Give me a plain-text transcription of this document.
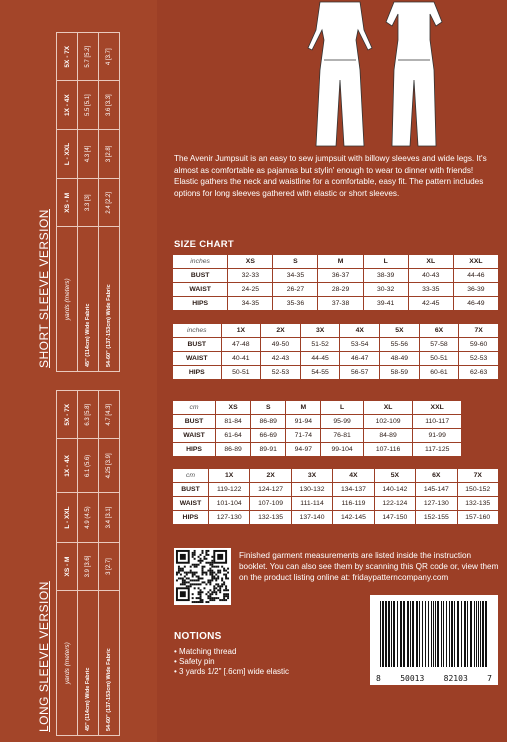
SHORT SLEEVE VERSION yards (meters)	XS - M	L - XXL	1X - 4X	5X - 7X
45" (114cm) Wide Fabric	3.3 [3]	4.3 [4]	5.5 [5.1]	5.7 [5.2]
54-60" (137-153cm) Wide Fabric	2.4 [2.2]	3 [2.8]	3.6 [3.3]	4 [3.7]
LONG SLEEVE VERSION yards (meters)	XS - M	L - XXL	1X - 4X	5X - 7X
45" (114cm) Wide Fabric	3.9 [3.6]	4.9 (4.5)	6.1 (5.6)	6.3 [5.8]
54-60" (137-153cm) Wide Fabric	3 [2.7]	3.4 [3.1]	4.25 [3.9]	4.7 [4.3]
The Avenir Jumpsuit is an easy to sew jumpsuit with billowy sleeves and wide legs. It's almost as comfortable as pajamas but stylin' enough to wear to dinner with friends! Elastic gathers the neck and waistline for a comfortable, easy fit. The pattern includes options for long sleeves gathered with elastic or short sleeves.
SIZE CHART
inches	XS	S	M	L	XL	XXL
BUST	32-33	34-35	36-37	38-39	40-43	44-46
WAIST	24-25	26-27	28-29	30-32	33-35	36-39
HIPS	34-35	35-36	37-38	39-41	42-45	46-49
inches	1X	2X	3X	4X	5X	6X	7X
BUST	47-48	49-50	51-52	53-54	55-56	57-58	59-60
WAIST	40-41	42-43	44-45	46-47	48-49	50-51	52-53
HIPS	50-51	52-53	54-55	56-57	58-59	60-61	62-63
cm	XS	S	M	L	XL	XXL
BUST	81-84	86-89	91-94	95-99	102-109	110-117
WAIST	61-64	66-69	71-74	76-81	84-89	91-99
HIPS	86-89	89-91	94-97	99-104	107-116	117-125
cm	1X	2X	3X	4X	5X	6X	7X
BUST	119-122	124-127	130-132	134-137	140-142	145-147	150-152
WAIST	101-104	107-109	111-114	116-119	122-124	127-130	132-135
HIPS	127-130	132-135	137-140	142-145	147-150	152-155	157-160
Finished garment measurements are listed inside the instruction booklet. You can also see them by scanning this QR code or, view them on the product listing online at: fridaypatterncompany.com
NOTIONS
• Matching thread
• Safety pin
• 3 yards 1/2" [.6cm] wide elastic
8 50013 82103 7
